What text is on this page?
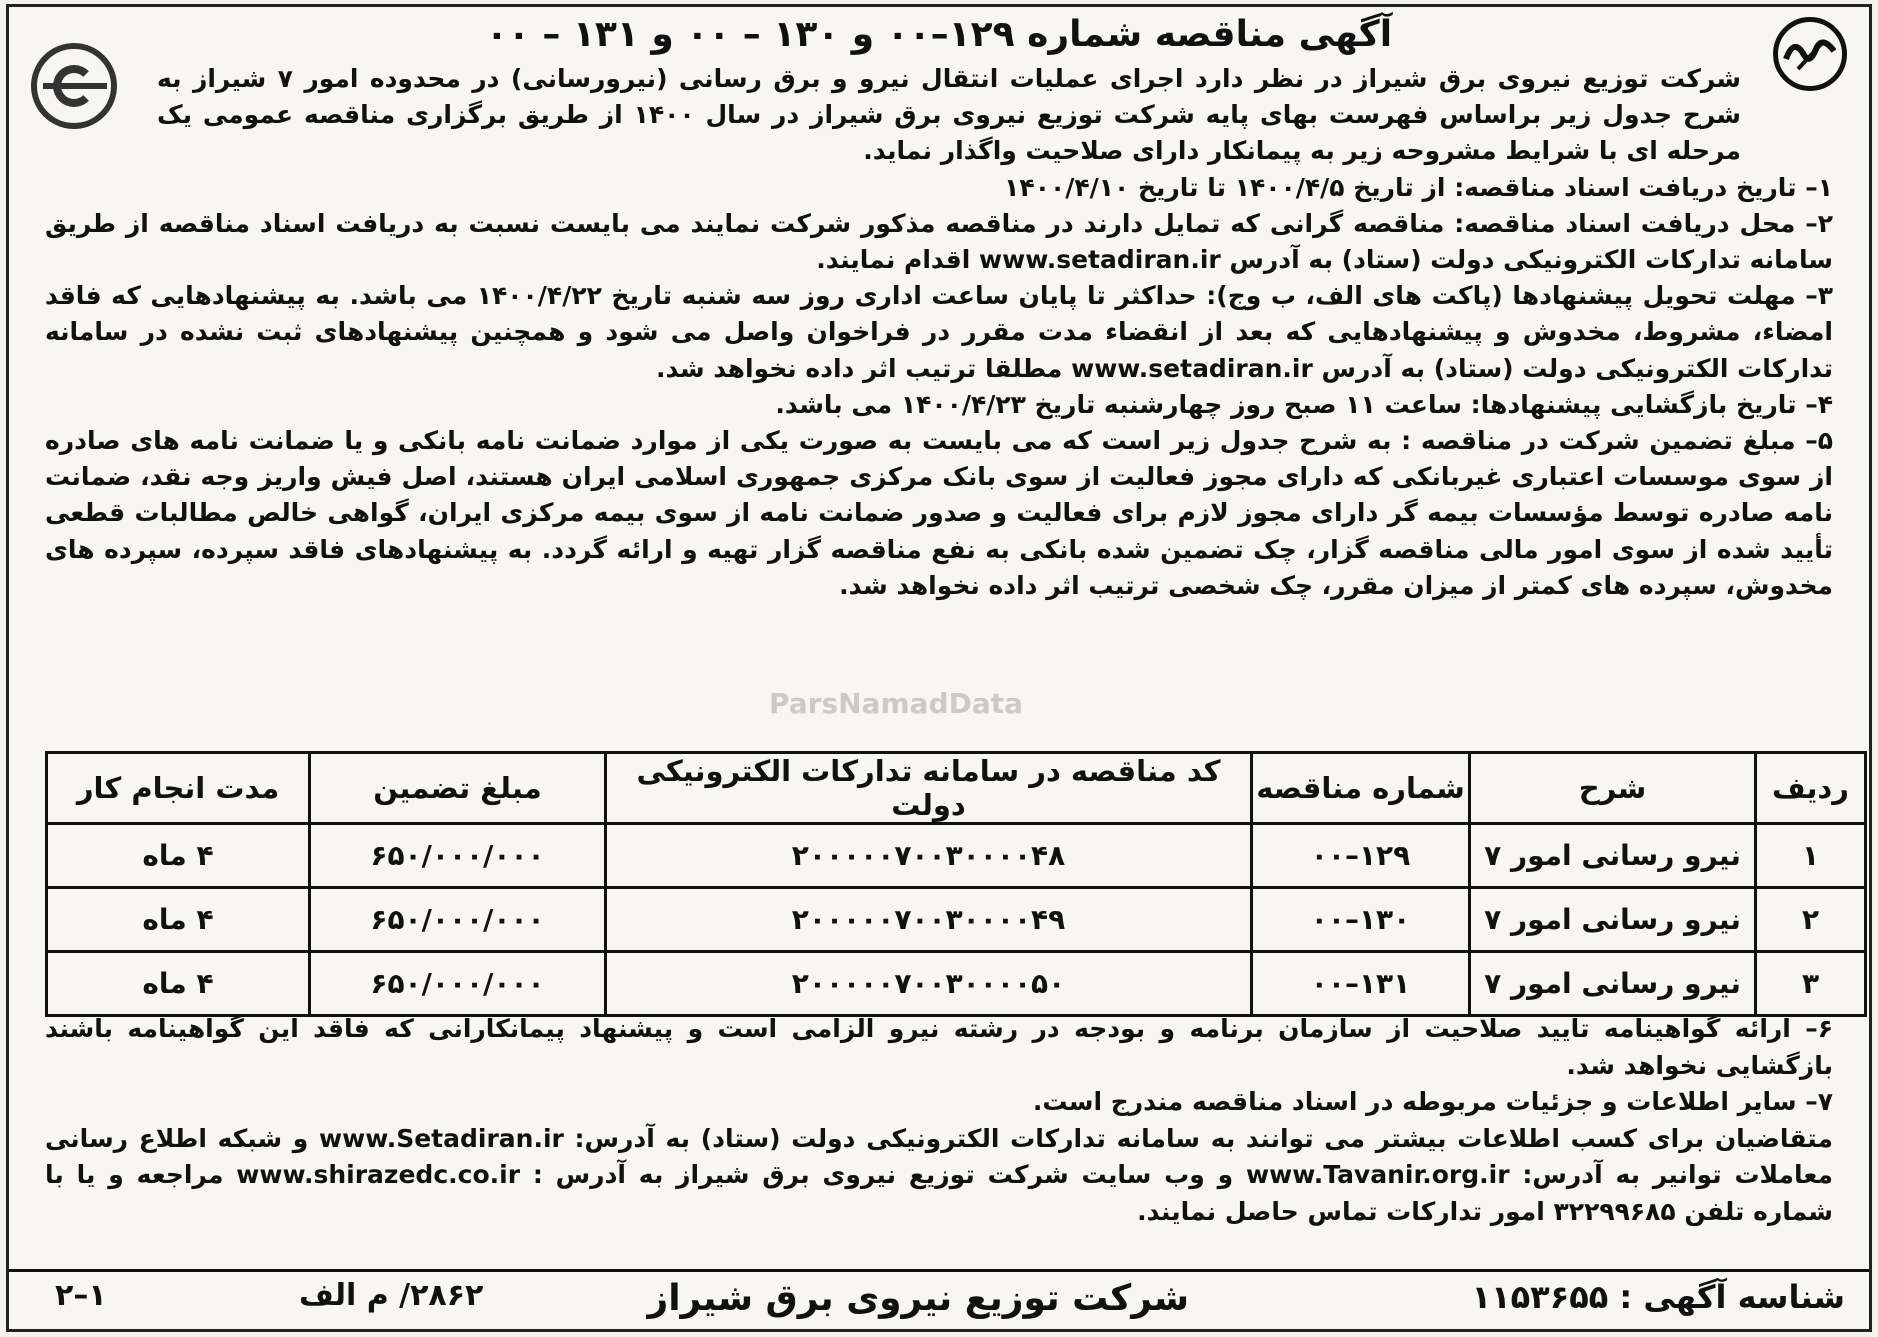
آگهی مناقصه شماره ۱۲۹–۰۰ و ۱۳۰ – ۰۰ و ۱۳۱ – ۰۰

شرکت توزیع نیروی برق شیراز در نظر دارد اجرای عملیات انتقال نیرو و برق رسانی (نیرورسانی) در محدوده امور ۷ شیراز به شرح جدول زیر براساس فهرست بهای پایه شرکت توزیع نیروی برق شیراز در سال ۱۴۰۰ از طریق برگزاری مناقصه عمومی یک مرحله ای با شرایط مشروحه زیر به پیمانکار دارای صلاحیت واگذار نماید.

۱– تاریخ دریافت اسناد مناقصه: از تاریخ ۱۴۰۰/۴/۵ تا تاریخ ۱۴۰۰/۴/۱۰

۲– محل دریافت اسناد مناقصه: مناقصه گرانی که تمایل دارند در مناقصه مذکور شرکت نمایند می بایست نسبت به دریافت اسناد مناقصه از طریق سامانه تدارکات الکترونیکی دولت (ستاد) به آدرس www.setadiran.ir اقدام نمایند.

۳– مهلت تحویل پیشنهادها (پاکت های الف، ب وج): حداکثر تا پایان ساعت اداری روز سه شنبه تاریخ ۱۴۰۰/۴/۲۲ می باشد. به پیشنهادهایی که فاقد امضاء، مشروط، مخدوش و پیشنهادهایی که بعد از انقضاء مدت مقرر در فراخوان واصل می شود و همچنین پیشنهادهای ثبت نشده در سامانه تدارکات الکترونیکی دولت (ستاد) به آدرس www.setadiran.ir مطلقا ترتیب اثر داده نخواهد شد.

۴– تاریخ بازگشایی پیشنهادها: ساعت ۱۱ صبح روز چهارشنبه تاریخ ۱۴۰۰/۴/۲۳ می باشد.

۵– مبلغ تضمین شرکت در مناقصه : به شرح جدول زیر است که می بایست به صورت یکی از موارد ضمانت نامه بانکی و یا ضمانت نامه های صادره از سوی موسسات اعتباری غیربانکی که دارای مجوز فعالیت از سوی بانک مرکزی جمهوری اسلامی ایران هستند، اصل فیش واریز وجه نقد، ضمانت نامه صادره توسط مؤسسات بیمه گر دارای مجوز لازم برای فعالیت و صدور ضمانت نامه از سوی بیمه مرکزی ایران، گواهی خالص مطالبات قطعی تأیید شده از سوی امور مالی مناقصه گزار، چک تضمین شده بانکی به نفع مناقصه گزار تهیه و ارائه گردد. به پیشنهادهای فاقد سپرده، سپرده های مخدوش، سپرده های کمتر از میزان مقرر، چک شخصی ترتیب اثر داده نخواهد شد.

ParsNamadData
ردیف	شرح	شماره مناقصه	کد مناقصه در سامانه تدارکات الکترونیکی دولت	مبلغ تضمین	مدت انجام کار
۱	نیرو رسانی امور ۷	۱۲۹–۰۰	۲۰۰۰۰۰۷۰۰۳۰۰۰۰۴۸	۶۵۰/۰۰۰/۰۰۰	۴ ماه
۲	نیرو رسانی امور ۷	۱۳۰–۰۰	۲۰۰۰۰۰۷۰۰۳۰۰۰۰۴۹	۶۵۰/۰۰۰/۰۰۰	۴ ماه
۳	نیرو رسانی امور ۷	۱۳۱–۰۰	۲۰۰۰۰۰۷۰۰۳۰۰۰۰۵۰	۶۵۰/۰۰۰/۰۰۰	۴ ماه

۶– ارائه گواهینامه تایید صلاحیت از سازمان برنامه و بودجه در رشته نیرو الزامی است و پیشنهاد پیمانکارانی که فاقد این گواهینامه باشند بازگشایی نخواهد شد.

۷– سایر اطلاعات و جزئیات مربوطه در اسناد مناقصه مندرج است.

متقاضیان برای کسب اطلاعات بیشتر می توانند به سامانه تدارکات الکترونیکی دولت (ستاد) به آدرس: www.Setadiran.ir و شبکه اطلاع رسانی معاملات توانیر به آدرس: www.Tavanir.org.ir و وب سایت شرکت توزیع نیروی برق شیراز به آدرس : www.shirazedc.co.ir مراجعه و یا با شماره تلفن ۳۲۲۹۹۶۸۵ امور تدارکات تماس حاصل نمایند.

شناسه آگهی : ۱۱۵۳۶۵۵
شرکت توزیع نیروی برق شیراز
۲۸۶۲/ م الف
۱–۲
